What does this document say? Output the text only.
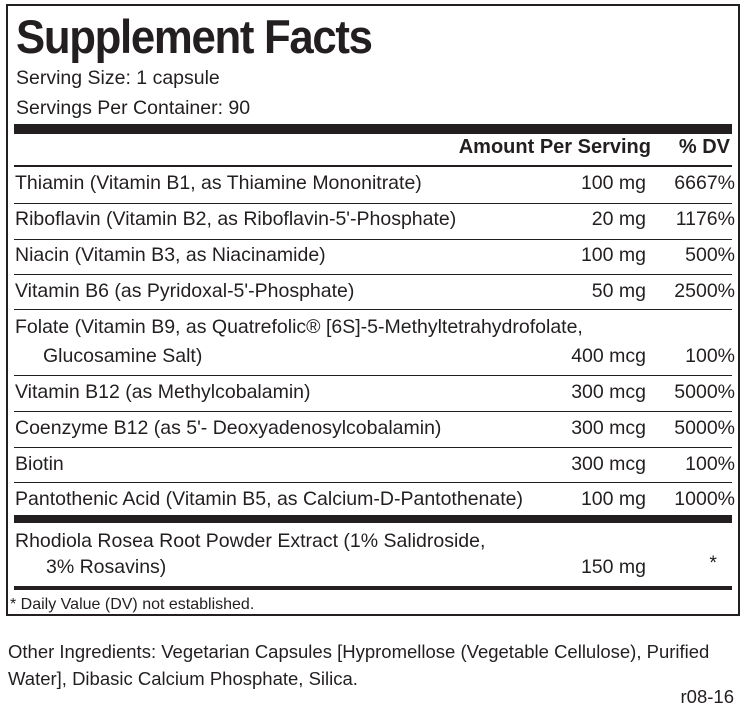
Supplement Facts
Serving Size: 1 capsule
Servings Per Container: 90
Amount Per Serving % DV
Thiamin (Vitamin B1, as Thiamine Mononitrate)	100 mg 6667%
Riboflavin (Vitamin B2, as Riboflavin-5'-Phosphate)	20 mg 1176%
Niacin (Vitamin B3, as Niacinamide)	100 mg 500%
Vitamin B6 (as Pyridoxal-5'-Phosphate)	50 mg 2500%
Folate (Vitamin B9, as Quatrefolic® [6S]-5-Methyltetrahydrofolate,
Glucosamine Salt)	400 mcg 100%
Vitamin B12 (as Methylcobalamin)	300 mcg 5000%
Coenzyme B12 (as 5'- Deoxyadenosylcobalamin)	300 mcg 5000%
Biotin	300 mcg 100%
Pantothenic Acid (Vitamin B5, as Calcium-D-Pantothenate)	100 mg 1000%
Rhodiola Rosea Root Powder Extract (1% Salidroside,
3% Rosavins)	150 mg	*
* Daily Value (DV) not established.
Other Ingredients: Vegetarian Capsules [Hypromellose (Vegetable Cellulose), Purified Water], Dibasic Calcium Phosphate, Silica.
r08-16
